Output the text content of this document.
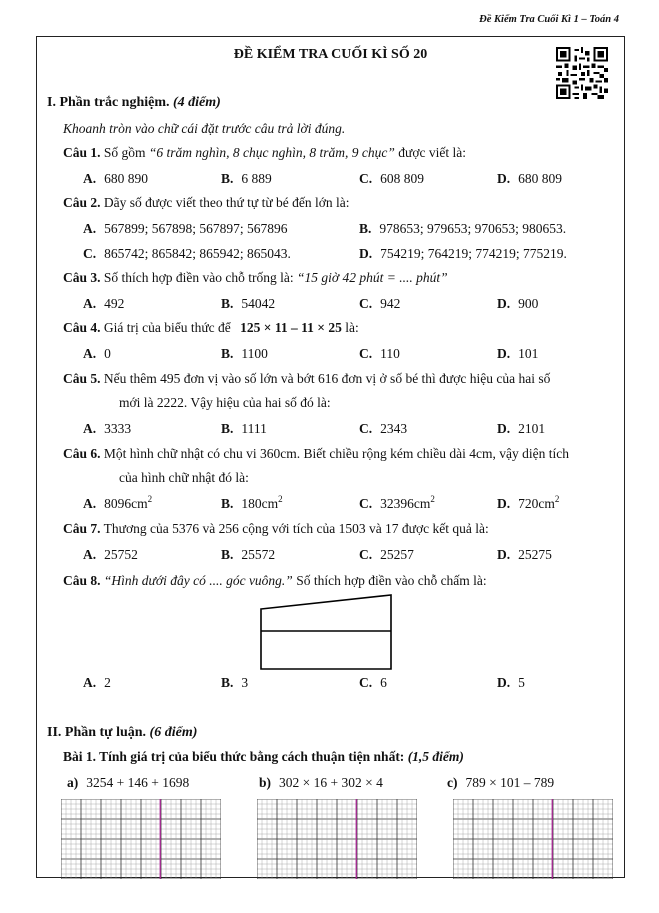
Đề Kiểm Tra Cuối Kì 1 – Toán 4
ĐỀ KIỂM TRA CUỐI KÌ SỐ 20
I. Phần trắc nghiệm. (4 điểm)
Khoanh tròn vào chữ cái đặt trước câu trả lời đúng.
Câu 1. Số gồm “6 trăm nghìn, 8 chục nghìn, 8 trăm, 9 chục” được viết là:
A. 680 890	B. 6 889	C. 608 809	D. 680 809
Câu 2. Dãy số được viết theo thứ tự từ bé đến lớn là:
A. 567899; 567898; 567897; 567896	B. 978653; 979653; 970653; 980653.
C. 865742; 865842; 865942; 865043.	D. 754219; 764219; 774219; 775219.
Câu 3. Số thích hợp điền vào chỗ trống là: “15 giờ 42 phút = .... phút”
A. 492	B. 54042	C. 942	D. 900
Câu 4. Giá trị của biểu thức để 125 × 11 – 11 × 25 là:
A. 0	B. 1100	C. 110	D. 101
Câu 5. Nếu thêm 495 đơn vị vào số lớn và bớt 616 đơn vị ở số bé thì được hiệu của hai số
mới là 2222. Vậy hiệu của hai số đó là:
A. 3333	B. 1111	C. 2343	D. 2101
Câu 6. Một hình chữ nhật có chu vi 360cm. Biết chiều rộng kém chiều dài 4cm, vậy diện tích
của hình chữ nhật đó là:
A. $8096cm^2$	B. $180cm^2$	C. $32396cm^2$	D. $720cm^2$
Câu 7. Thương của 5376 và 256 cộng với tích của 1503 và 17 được kết quả là:
A. 25752	B. 25572	C. 25257	D. 25275
Câu 8. “Hình dưới đây có .... góc vuông.” Số thích hợp điền vào chỗ chấm là:
A. 2	B. 3	C. 6	D. 5
II. Phần tự luận. (6 điểm)
Bài 1. Tính giá trị của biểu thức bằng cách thuận tiện nhất: (1,5 điểm)
a) 3254 + 146 + 1698	b) 302 × 16 + 302 × 4	c) 789 × 101 – 789
